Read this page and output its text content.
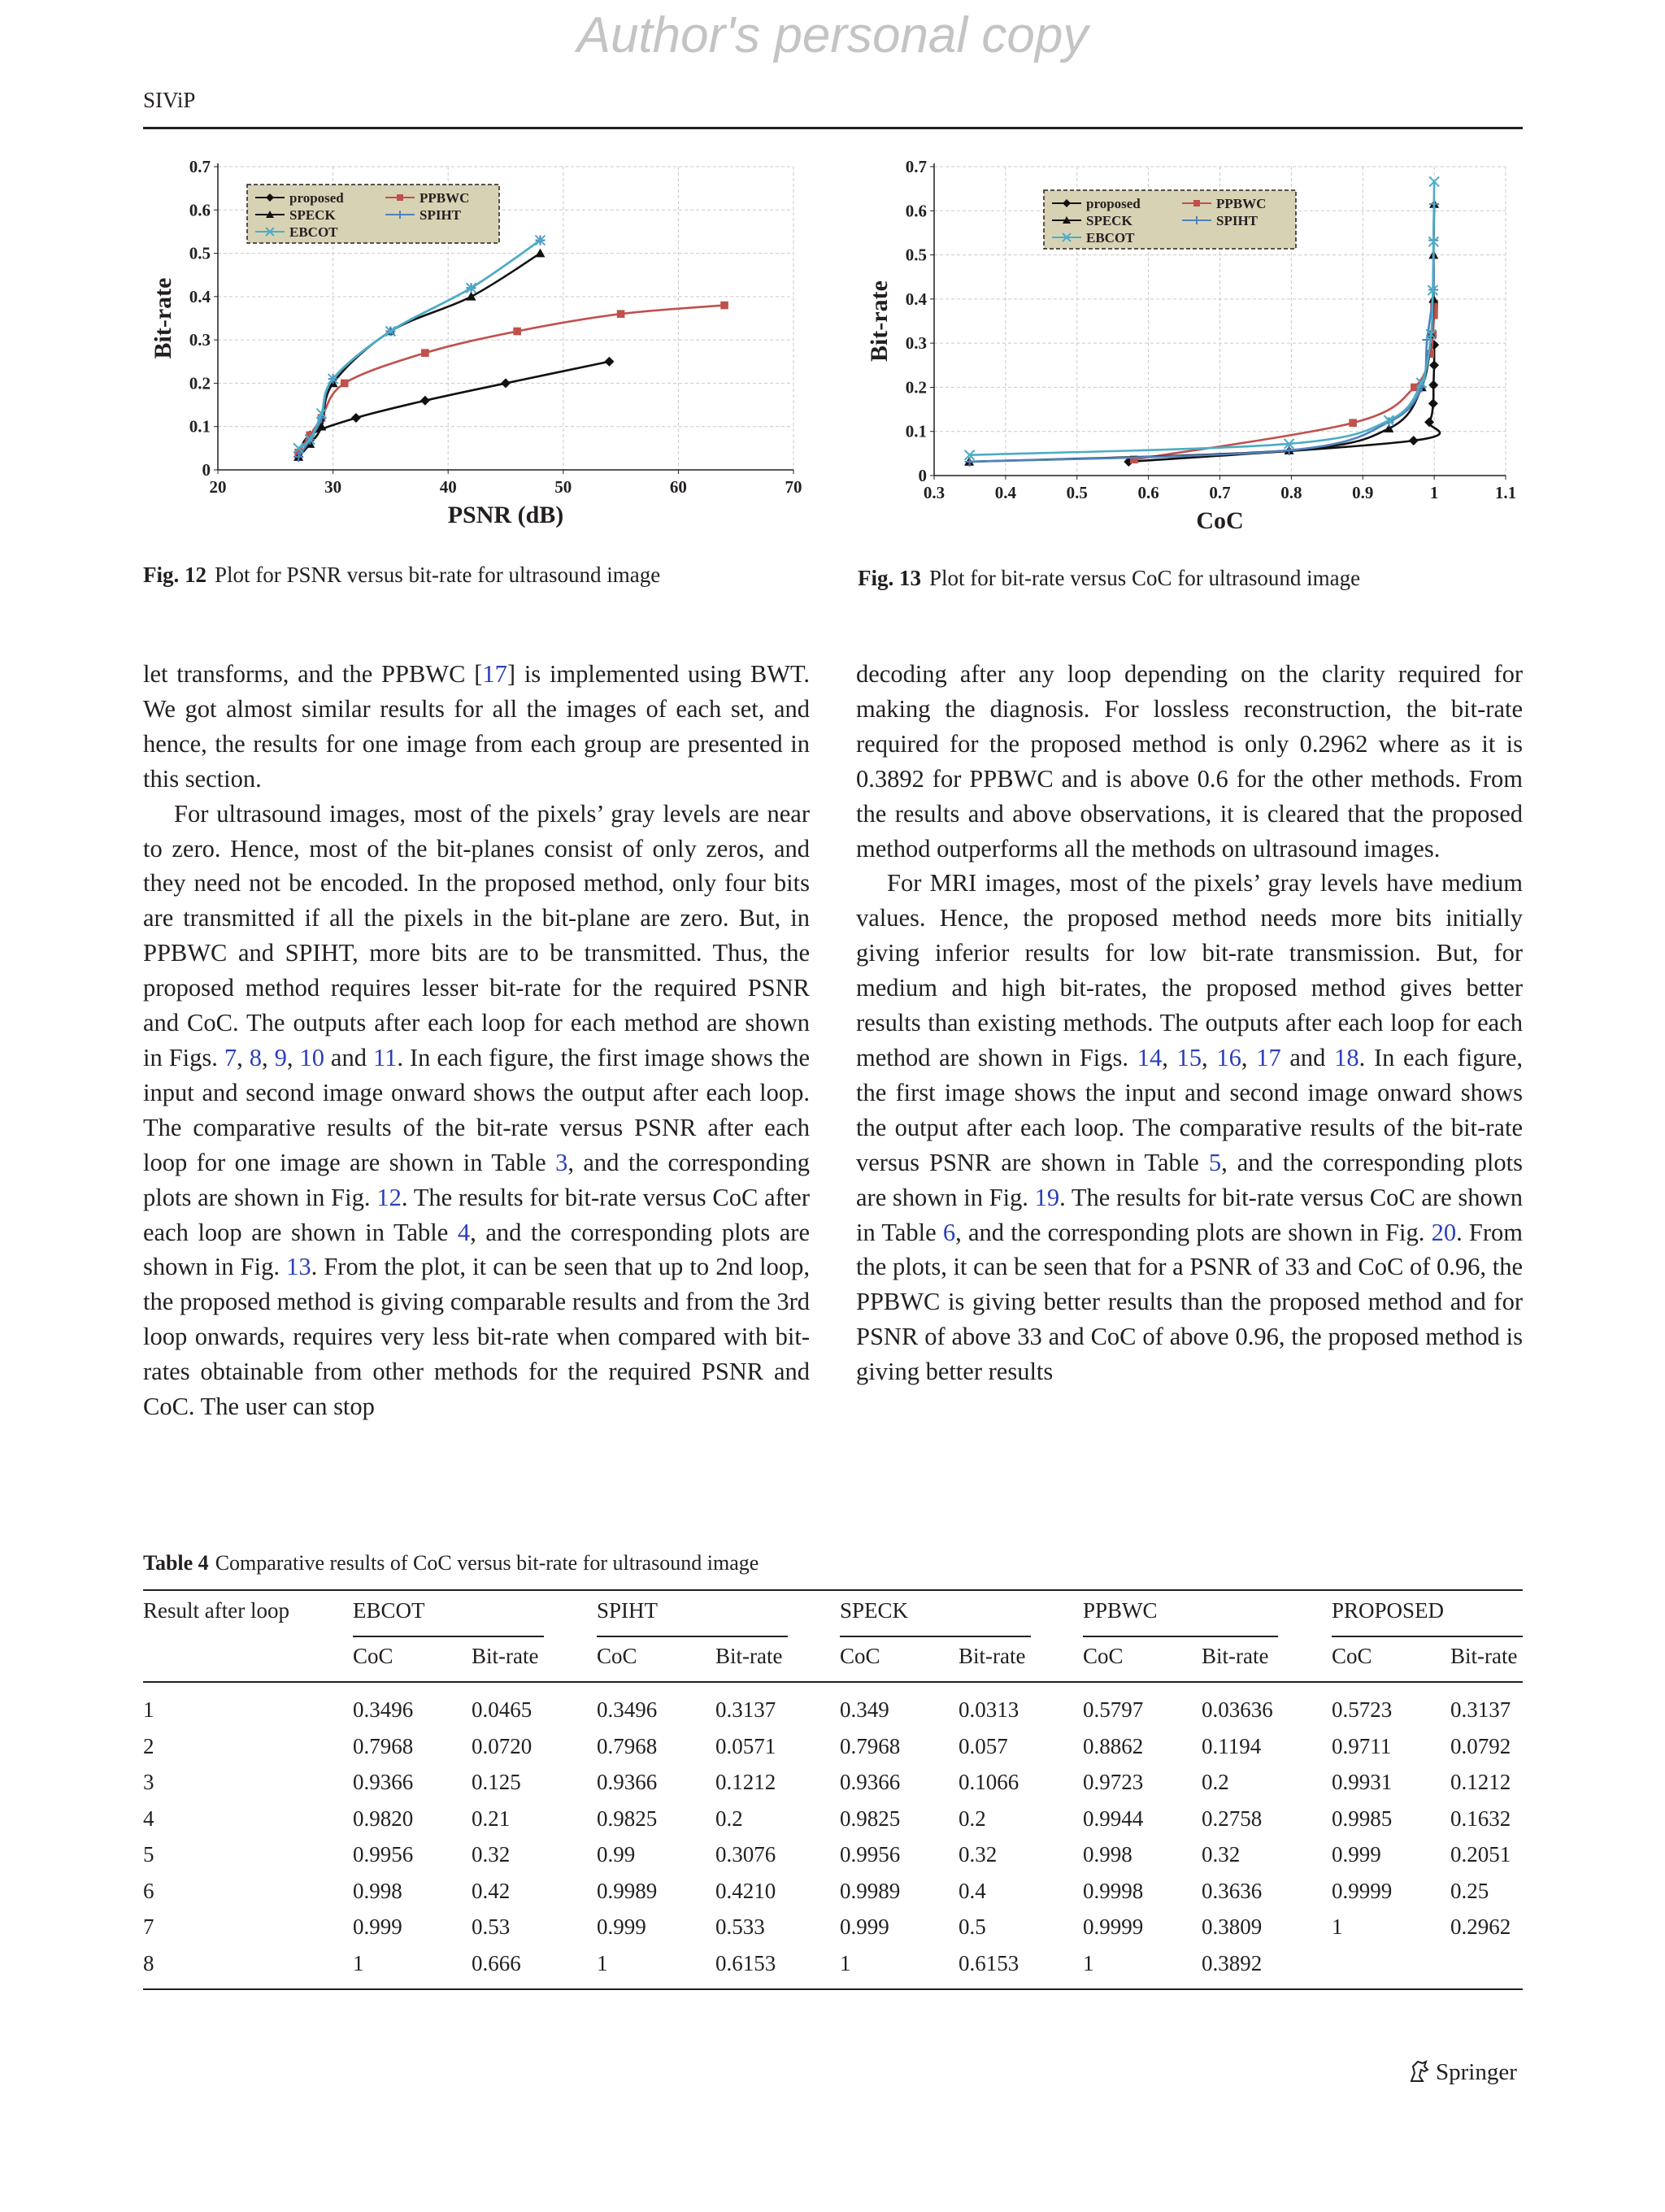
Author's personal copy
SIViP
0
0.1
0.2
0.3
0.4
0.5
0.6
0.7
20	30	40	50	60	70
PSNR (dB)
Bit-rate
proposed	PPBWC
SPECK	SPIHT
EBCOT
Fig. 12 Plot for PSNR versus bit-rate for ultrasound image
0
0.1
0.2
0.3
0.4
0.5
0.6
0.7
0.3	0.4	0.5	0.6	0.7	0.8	0.9	1	1.1
CoC
Bit-rate
proposed	PPBWC
SPECK	SPIHT
EBCOT
Fig. 13 Plot for bit-rate versus CoC for ultrasound image

let transforms, and the PPBWC [17] is implemented using BWT. We got almost similar results for all the images of each set, and hence, the results for one image from each group are presented in this section.

For ultrasound images, most of the pixels’ gray levels are near to zero. Hence, most of the bit-planes consist of only zeros, and they need not be encoded. In the proposed method, only four bits are transmitted if all the pixels in the bit-plane are zero. But, in PPBWC and SPIHT, more bits are to be transmitted. Thus, the proposed method requires lesser bit-rate for the required PSNR and CoC. The outputs after each loop for each method are shown in Figs. 7, 8, 9, 10 and 11. In each figure, the first image shows the input and second image onward shows the output after each loop. The comparative results of the bit-rate versus PSNR after each loop for one image are shown in Table 3, and the corresponding plots are shown in Fig. 12. The results for bit-rate versus CoC after each loop are shown in Table 4, and the corresponding plots are shown in Fig. 13. From the plot, it can be seen that up to 2nd loop, the proposed method is giving comparable results and from the 3rd loop onwards, requires very less bit-rate when compared with bit-rates obtainable from other methods for the required PSNR and CoC. The user can stop

decoding after any loop depending on the clarity required for making the diagnosis. For lossless reconstruction, the bit-rate required for the proposed method is only 0.2962 where as it is 0.3892 for PPBWC and is above 0.6 for the other methods. From the results and above observations, it is cleared that the proposed method outperforms all the methods on ultrasound images.

For MRI images, most of the pixels’ gray levels have medium values. Hence, the proposed method needs more bits initially giving inferior results for low bit-rate transmission. But, for medium and high bit-rates, the proposed method gives better results than existing methods. The outputs after each loop for each method are shown in Figs. 14, 15, 16, 17 and 18. In each figure, the first image shows the input and second image onward shows the output after each loop. The comparative results of the bit-rate versus PSNR are shown in Table 5, and the corresponding plots are shown in Fig. 19. The results for bit-rate versus CoC are shown in Table 6, and the corresponding plots are shown in Fig. 20. From the plots, it can be seen that for a PSNR of 33 and CoC of 0.96, the PPBWC is giving better results than the proposed method and for PSNR of above 33 and CoC of above 0.96, the proposed method is giving better results

Table 4 Comparative results of CoC versus bit-rate for ultrasound image
Result after loop	EBCOT
CoC	Bit-rate
SPIHT
CoC	Bit-rate
SPECK
CoC	Bit-rate
PPBWC
CoC	Bit-rate
PROPOSED
CoC	Bit-rate
1	0.3496	0.0465	0.3496	0.3137	0.349	0.0313	0.5797	0.03636	0.5723	0.3137
2	0.7968	0.0720	0.7968	0.0571	0.7968	0.057	0.8862	0.1194	0.9711	0.0792
3	0.9366	0.125	0.9366	0.1212	0.9366	0.1066	0.9723	0.2	0.9931	0.1212
4	0.9820	0.21	0.9825	0.2	0.9825	0.2	0.9944	0.2758	0.9985	0.1632
5	0.9956	0.32	0.99	0.3076	0.9956	0.32	0.998	0.32	0.999	0.2051
6	0.998	0.42	0.9989	0.4210	0.9989	0.4	0.9998	0.3636	0.9999	0.25
7	0.999	0.53	0.999	0.533	0.999	0.5	0.9999	0.3809	1	0.2962
8	1	0.666	1	0.6153	1	0.6153	1	0.3892
Springer
